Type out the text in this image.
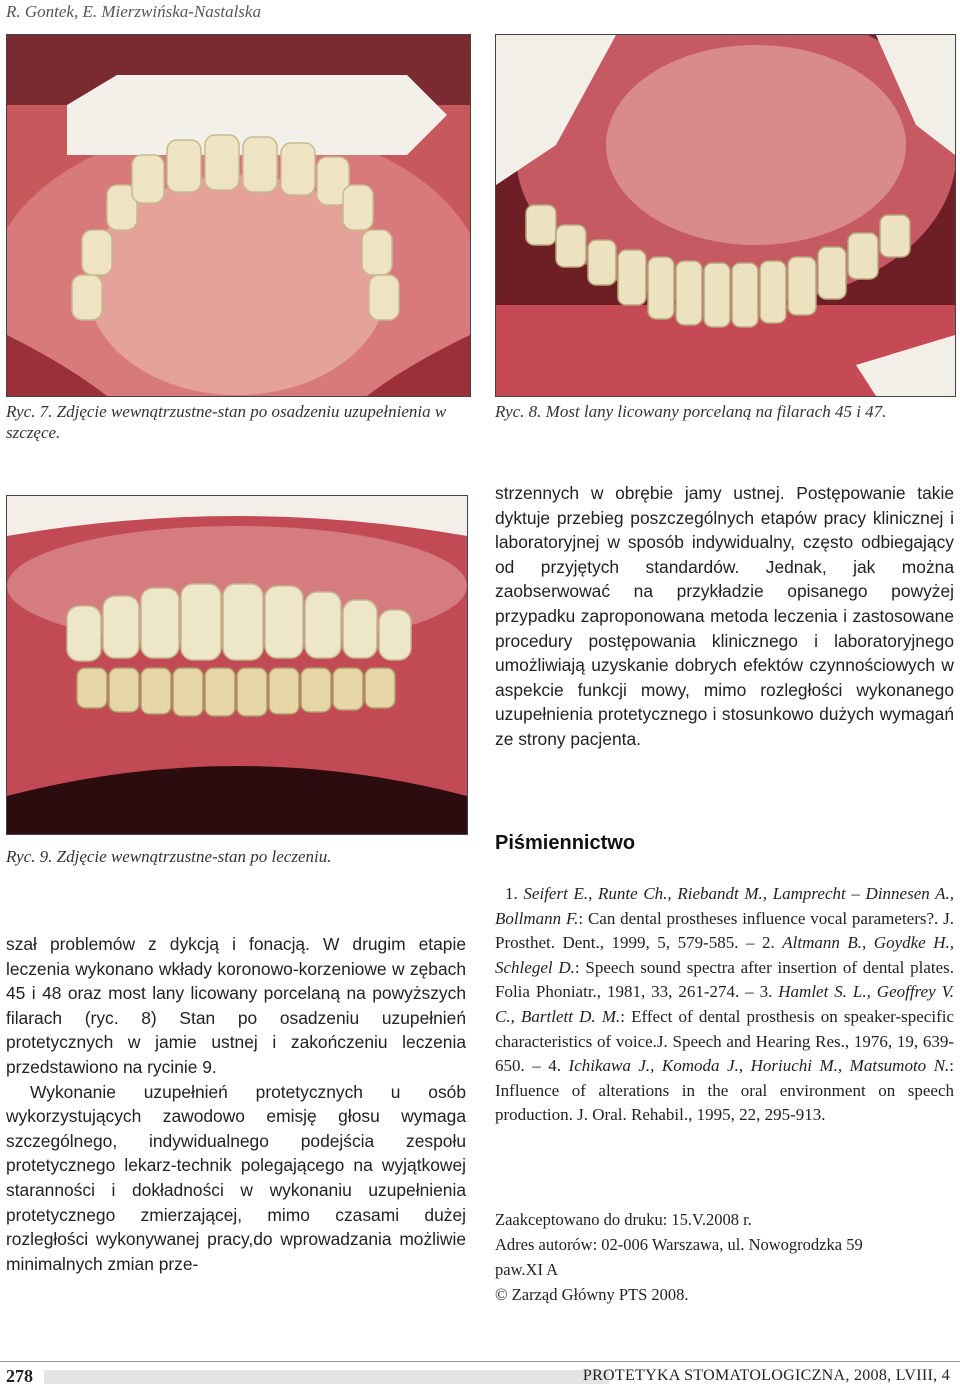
R. Gontek, E. Mierzwińska-Nastalska
Ryc. 7. Zdjęcie wewnątrzustne-stan po osadzeniu uzupełnienia w szczęce.
Ryc. 8. Most lany licowany porcelaną na filarach 45 i 47.
Ryc. 9. Zdjęcie wewnątrzustne-stan po leczeniu.

szał problemów z dykcją i fonacją. W drugim etapie leczenia wykonano wkłady koronowo-korzeniowe w zębach 45 i 48 oraz most lany licowany porcelaną na powyższych filarach (ryc. 8) Stan po osadzeniu uzupełnień protetycznych w jamie ustnej i zakończeniu leczenia przedstawiono na rycinie 9.

Wykonanie uzupełnień protetycznych u osób wykorzystujących zawodowo emisję głosu wymaga szczególnego, indywidualnego podejścia zespołu protetycznego lekarz-technik polegającego na wyjątkowej staranności i dokładności w wykonaniu uzupełnienia protetycznego zmierzającej, mimo czasami dużej rozległości wykonywanej pracy,do wprowadzania możliwie minimalnych zmian prze-

strzennych w obrębie jamy ustnej. Postępowanie takie dyktuje przebieg poszczególnych etapów pracy klinicznej i laboratoryjnej w sposób indywidualny, często odbiegający od przyjętych standardów. Jednak, jak można zaobserwować na przykładzie opisanego powyżej przypadku zaproponowana metoda leczenia i zastosowane procedury postępowania klinicznego i laboratoryjnego umożliwiają uzyskanie dobrych efektów czynnościowych w aspekcie funkcji mowy, mimo rozległości wykonanego uzupełnienia protetycznego i stosunkowo dużych wymagań ze strony pacjenta.

Piśmiennictwo
1. Seifert E., Runte Ch., Riebandt M., Lamprecht – Dinnesen A., Bollmann F.: Can dental prostheses influence vocal parameters?. J. Prosthet. Dent., 1999, 5, 579-585. – 2. Altmann B., Goydke H., Schlegel D.: Speech sound spectra after insertion of dental plates. Folia Phoniatr., 1981, 33, 261-274. – 3. Hamlet S. L., Geoffrey V. C., Bartlett D. M.: Effect of dental prosthesis on speaker-specific characteristics of voice.J. Speech and Hearing Res., 1976, 19, 639-650. – 4. Ichikawa J., Komoda J., Horiuchi M., Matsumoto N.: Influence of alterations in the oral environment on speech production. J. Oral. Rehabil., 1995, 22, 295-913.
Zaakceptowano do druku: 15.V.2008 r.
Adres autorów: 02-006 Warszawa, ul. Nowogrodzka 59
paw.XI A
© Zarząd Główny PTS 2008.
278	PROTETYKA STOMATOLOGICZNA, 2008, LVIII, 4
